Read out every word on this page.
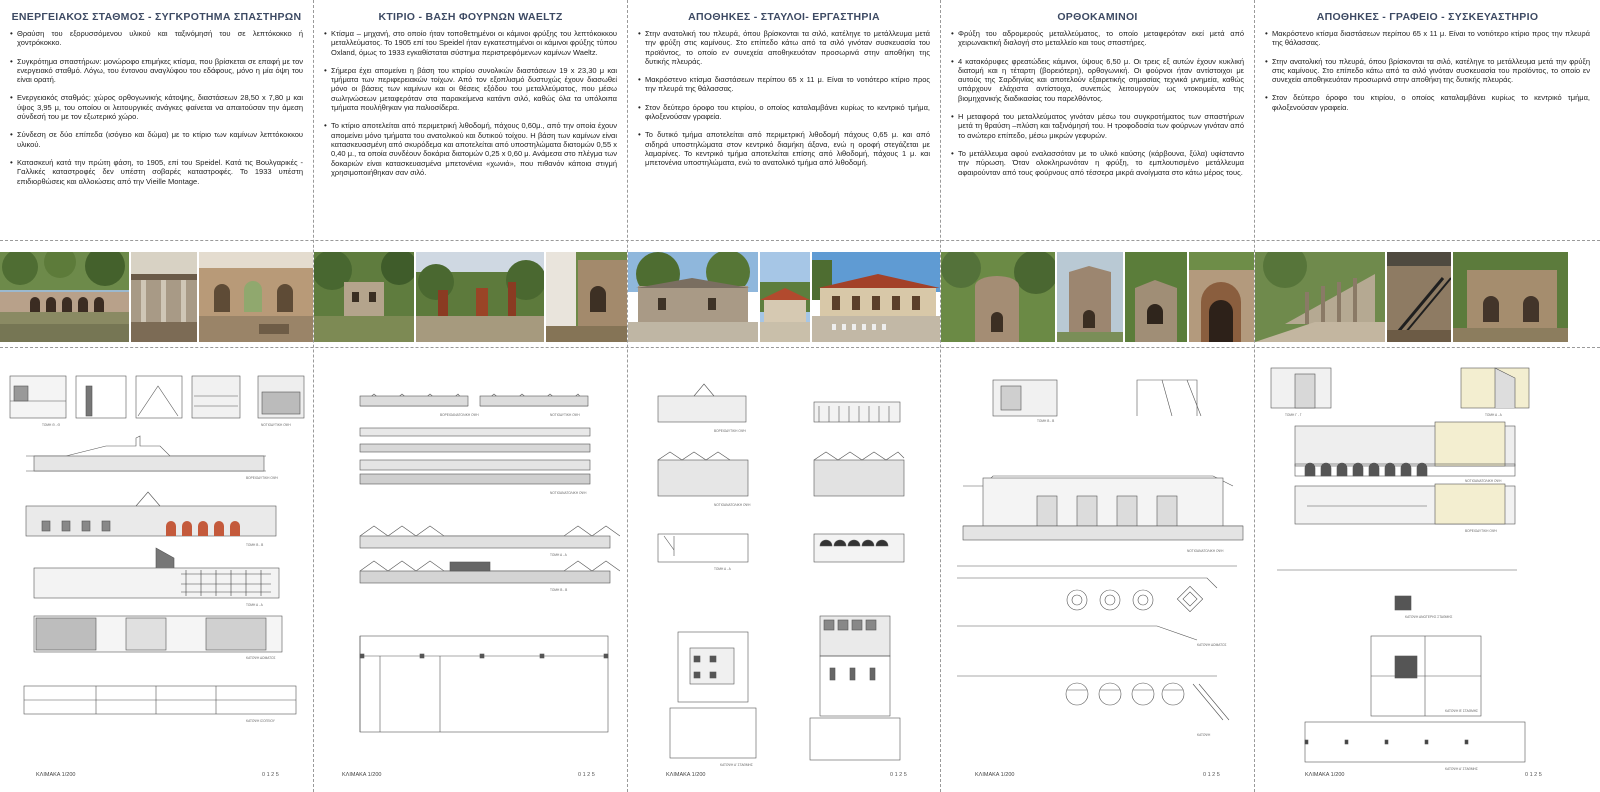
ΕΝΕΡΓΕΙΑΚΟΣ ΣΤΑΘΜΟΣ - ΣΥΓΚΡΟΤΗΜΑ ΣΠΑΣΤΗΡΩΝ

• Θραύση του εξορυσσόμενου υλικού και ταξινόμησή του σε λεπτόκοκκο ή χοντρόκοκκο.

• Συγκρότημα σπαστήρων: μονώροφο επιμήκες κτίσμα, που βρίσκεται σε επαφή με τον ενεργειακό σταθμό. Λόγω, του έντονου αναγλύφου του εδάφους, μόνο η μία όψη του είναι ορατή.

• Ενεργειακός σταθμός: χώρος ορθογωνικής κάτοψης, διαστάσεων 28,50 x 7,80 μ και ύψος 3,95 μ, του οποίου οι λειτουργικές ανάγκες φαίνεται να απαιτούσαν την άμεση σύνδεσή του με τον εξωτερικό χώρο.

• Σύνδεση σε δύο επίπεδα (ισόγειο και δώμα) με το κτίριο των καμίνων λεπτόκοκκου υλικού.

• Κατασκευή κατά την πρώτη φάση, το 1905, επί του Speidel. Κατά τις Βουλγαρικές - Γαλλικές καταστροφές δεν υπέστη σοβαρές καταστροφές. Το 1933 υπέστη επιδιορθώσεις και αλλοιώσεις από την Vieille Montage.

ΤΟΜΗ Θ - Θ	ΝΟΤΙΟΔΥΤΙΚΗ ΟΨΗ
ΒΟΡΕΙΟΔΥΤΙΚΗ ΟΨΗ
ΤΟΜΗ Β - Β
ΤΟΜΗ Α - Α
ΚΑΤΟΨΗ ΔΩΜΑΤΟΣ
ΚΑΤΟΨΗ ΙΣΟΓΕΙΟΥ
ΚΛΙΜΑΚΑ 1/200	0 1 2 5
ΚΤΙΡΙΟ - ΒΑΣΗ ΦΟΥΡΝΩΝ WAELTZ

• Κτίσμα – μηχανή, στο οποίο ήταν τοποθετημένοι οι κάμινοι φρύξης του λεπτόκοκκου μεταλλεύματος. Το 1905 επί του Speidel ήταν εγκατεστημένοι οι κάμινοι φρύξης τύπου Oxland, όμως το 1933 εγκαθίσταται σύστημα περιστρεφόμενων καμίνων Waeltz.

• Σήμερα έχει απομείνει η βάση του κτιρίου συνολικών διαστάσεων 19 x 23,30 μ και τμήματα των περιφερειακών τοίχων. Από τον εξοπλισμό δυστυχώς έχουν διασωθεί μόνο οι βάσεις των καμίνων και οι θέσεις εξόδου του μεταλλεύματος, που μέσω σωληνώσεων μεταφερόταν στα παρακείμενα κατάντι σιλό, καθώς όλα τα υπόλοιπα τμήματα πουλήθηκαν για παλιοσίδερα.

• Το κτίριο αποτελείται από περιμετρική λιθοδομή, πάχους 0,60μ., από την οποία έχουν απομείνει μόνο τμήματα του ανατολικού και δυτικού τοίχου. Η βάση των καμίνων είναι κατασκευασμένη από σκυρόδεμα και αποτελείται από υποστηλώματα διατομών 0,55 x 0,40 μ., τα οποία συνδέουν δοκάρια διατομών 0,25 x 0,60 μ. Ανάμεσα στο πλέγμα των δοκαριών είναι κατασκευασμένα μπετονένια «χωνιά», που πιθανόν κάποια στιγμή χρησιμοποιήθηκαν σαν σιλό.

ΒΟΡΕΙΟΑΝΑΤΟΛΙΚΗ ΟΨΗ	ΝΟΤΙΟΔΥΤΙΚΗ ΟΨΗ
ΝΟΤΙΟΑΝΑΤΟΛΙΚΗ ΟΨΗ
ΤΟΜΗ Α - Α
ΤΟΜΗ Β - Β
ΚΛΙΜΑΚΑ 1/200	0 1 2 5
ΑΠΟΘΗΚΕΣ - ΣΤΑΥΛΟΙ- ΕΡΓΑΣΤΗΡΙΑ

• Στην ανατολική του πλευρά, όπου βρίσκονται τα σιλό, κατέληγε το μετάλλευμα μετά την φρύξη στις καμίνους. Στο επίπεδο κάτω από τα σιλό γινόταν συσκευασία του προϊόντος, το οποίο εν συνεχεία αποθηκευόταν προσωρινά στην αποθήκη της δυτικής πλευράς.

• Μακρόστενο κτίσμα διαστάσεων περίπου 65 x 11 μ. Είναι το νοτιότερο κτίριο προς την πλευρά της θάλασσας.

• Στον δεύτερο όροφο του κτιρίου, ο οποίος καταλαμβάνει κυρίως το κεντρικό τμήμα, φιλοξενούσαν γραφεία.

• Το δυτικό τμήμα αποτελείται από περιμετρική λιθοδομή πάχους 0,65 μ. και από σιδηρά υποστηλώματα στον κεντρικό διαμήκη άξονα, ενώ η οροφή στεγάζεται με λαμαρίνες. Το κεντρικό τμήμα αποτελείται επίσης από λιθοδομή, πάχους 1 μ. και μπετονένια υποστηλώματα, ενώ το ανατολικό τμήμα από λιθοδομή.

ΒΟΡΕΙΟΔΥΤΙΚΗ ΟΨΗ
ΝΟΤΙΟΑΝΑΤΟΛΙΚΗ ΟΨΗ
ΤΟΜΗ Α - Α
ΚΑΤΟΨΗ Α' ΣΤΑΘΜΗΣ
ΚΛΙΜΑΚΑ 1/200	0 1 2 5
ΟΡΘΟΚΑΜΙΝΟΙ

• Φρύξη του αδρομερούς μεταλλεύματος, το οποίο μεταφερόταν εκεί μετά από χειρωνακτική διαλογή στο μεταλλείο και τους σπαστήρες.

• 4 κατακόρυφες φρεατώδεις κάμινοι, ύψους 6,50 μ. Οι τρεις εξ αυτών έχουν κυκλική διατομή και η τέταρτη (βορειότερη), ορθογωνική. Οι φούρνοι ήταν αντίστοιχοι με αυτούς της Σαρδηνίας και αποτελούν εξαιρετικής σημασίας τεχνικά μνημεία, καθώς υπάρχουν ελάχιστα αντίστοιχα, συνεπώς λειτουργούν ως ντοκουμέντα της βιομηχανικής διαδικασίας του παρελθόντος.

• Η μεταφορά του μεταλλεύματος γινόταν μέσω του συγκροτήματος των σπαστήρων μετά τη θραύση –πλύση και ταξινόμησή του. Η τροφοδοσία των φούρνων γινόταν από το ανώτερο επίπεδο, μέσω μικρών γεφυρών.

• Το μετάλλευμα αφού εναλασσόταν με το υλικό καύσης (κάρβουνα, ξύλα) υφίσταντο την πύρωση. Όταν ολοκληρωνόταν η φρύξη, το εμπλουτισμένο μετάλλευμα αφαιρούνταν από τους φούρνους από τέσσερα μικρά ανοίγματα στο κάτω μέρος τους.

ΤΟΜΗ Β - Β
ΝΟΤΙΟΑΝΑΤΟΛΙΚΗ ΟΨΗ
ΚΑΤΟΨΗ ΔΩΜΑΤΟΣ
ΚΑΤΟΨΗ
ΚΛΙΜΑΚΑ 1/200	0 1 2 5
ΑΠΟΘΗΚΕΣ - ΓΡΑΦΕΙΟ - ΣΥΣΚΕΥΑΣΤΗΡΙΟ

• Μακρόστενο κτίσμα διαστάσεων περίπου 65 x 11 μ. Είναι το νοτιότερο κτίριο προς την πλευρά της θάλασσας.

• Στην ανατολική του πλευρά, όπου βρίσκονται τα σιλό, κατέληγε το μετάλλευμα μετά την φρύξη στις καμίνους. Στο επίπεδο κάτω από τα σιλό γινόταν συσκευασία του προϊόντος, το οποίο εν συνεχεία αποθηκευόταν προσωρινά στην αποθήκη της δυτικής πλευράς.

• Στον δεύτερο όροφο του κτιρίου, ο οποίος καταλαμβάνει κυρίως το κεντρικό τμήμα, φιλοξενούσαν γραφεία.

ΤΟΜΗ Γ - Γ	ΤΟΜΗ Α - Α
ΝΟΤΙΟΑΝΑΤΟΛΙΚΗ ΟΨΗ
ΒΟΡΕΙΟΔΥΤΙΚΗ ΟΨΗ
ΚΑΤΟΨΗ ΑΝΩΤΕΡΗΣ ΣΤΑΘΜΗΣ
ΚΑΤΟΨΗ Β' ΣΤΑΘΜΗΣ
ΚΑΤΟΨΗ Α' ΣΤΑΘΜΗΣ
ΚΛΙΜΑΚΑ 1/200	0 1 2 5
